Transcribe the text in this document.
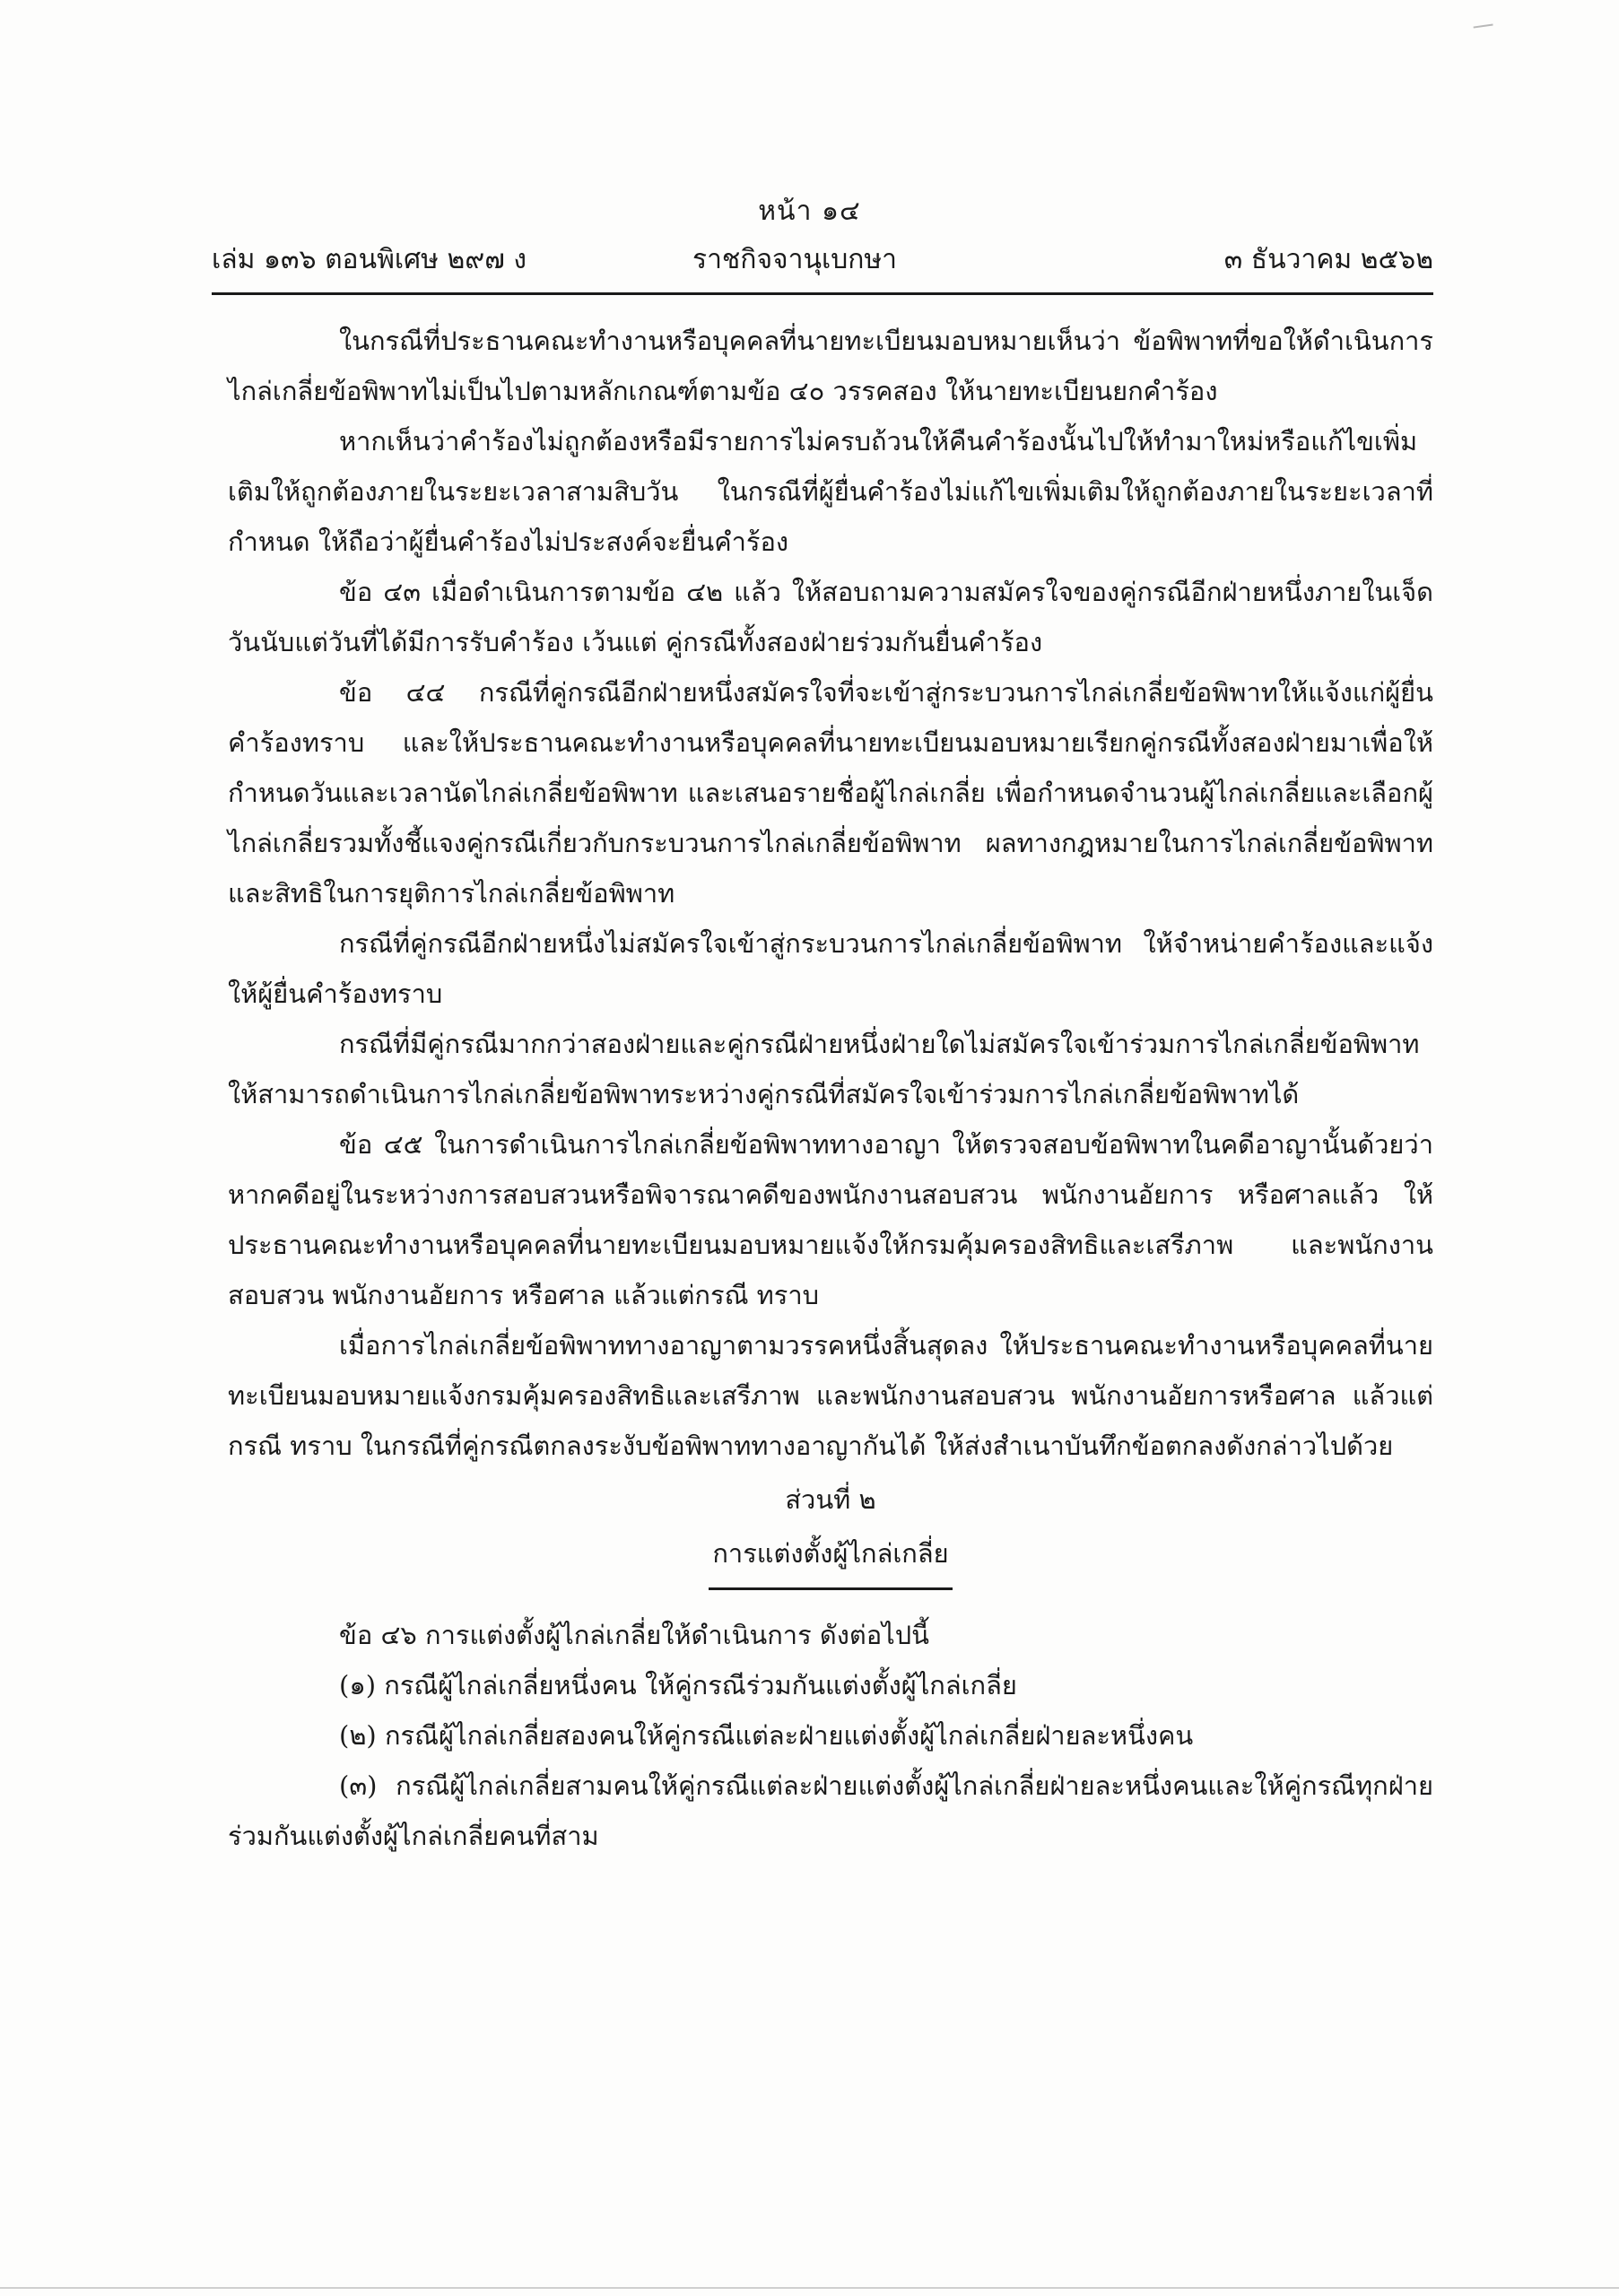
หน้า ๑๔
เล่ม ๑๓๖ ตอนพิเศษ ๒๙๗ ง	ราชกิจจานุเบกษา	๓ ธันวาคม ๒๕๖๒

ในกรณีที่ประธานคณะทำงานหรือบุคคลที่นายทะเบียนมอบหมายเห็นว่า ข้อพิพาทที่ขอให้ดำเนินการไกล่เกลี่ยข้อพิพาทไม่เป็นไปตามหลักเกณฑ์ตามข้อ ๔๐ วรรคสอง ให้นายทะเบียนยกคำร้อง

หากเห็นว่าคำร้องไม่ถูกต้องหรือมีรายการไม่ครบถ้วนให้คืนคำร้องนั้นไปให้ทำมาใหม่หรือแก้ไขเพิ่มเติมให้ถูกต้องภายในระยะเวลาสามสิบวัน ในกรณีที่ผู้ยื่นคำร้องไม่แก้ไขเพิ่มเติมให้ถูกต้องภายในระยะเวลาที่กำหนด ให้ถือว่าผู้ยื่นคำร้องไม่ประสงค์จะยื่นคำร้อง

ข้อ ๔๓ เมื่อดำเนินการตามข้อ ๔๒ แล้ว ให้สอบถามความสมัครใจของคู่กรณีอีกฝ่ายหนึ่งภายในเจ็ดวันนับแต่วันที่ได้มีการรับคำร้อง เว้นแต่ คู่กรณีทั้งสองฝ่ายร่วมกันยื่นคำร้อง

ข้อ ๔๔ กรณีที่คู่กรณีอีกฝ่ายหนึ่งสมัครใจที่จะเข้าสู่กระบวนการไกล่เกลี่ยข้อพิพาทให้แจ้งแก่ผู้ยื่นคำร้องทราบ และให้ประธานคณะทำงานหรือบุคคลที่นายทะเบียนมอบหมายเรียกคู่กรณีทั้งสองฝ่ายมาเพื่อให้กำหนดวันและเวลานัดไกล่เกลี่ยข้อพิพาท และเสนอรายชื่อผู้ไกล่เกลี่ย เพื่อกำหนดจำนวนผู้ไกล่เกลี่ยและเลือกผู้ไกล่เกลี่ยรวมทั้งชี้แจงคู่กรณีเกี่ยวกับกระบวนการไกล่เกลี่ยข้อพิพาท ผลทางกฎหมายในการไกล่เกลี่ยข้อพิพาท และสิทธิในการยุติการไกล่เกลี่ยข้อพิพาท

กรณีที่คู่กรณีอีกฝ่ายหนึ่งไม่สมัครใจเข้าสู่กระบวนการไกล่เกลี่ยข้อพิพาท ให้จำหน่ายคำร้องและแจ้งให้ผู้ยื่นคำร้องทราบ

กรณีที่มีคู่กรณีมากกว่าสองฝ่ายและคู่กรณีฝ่ายหนึ่งฝ่ายใดไม่สมัครใจเข้าร่วมการไกล่เกลี่ยข้อพิพาทให้สามารถดำเนินการไกล่เกลี่ยข้อพิพาทระหว่างคู่กรณีที่สมัครใจเข้าร่วมการไกล่เกลี่ยข้อพิพาทได้

ข้อ ๔๕ ในการดำเนินการไกล่เกลี่ยข้อพิพาททางอาญา ให้ตรวจสอบข้อพิพาทในคดีอาญานั้นด้วยว่าหากคดีอยู่ในระหว่างการสอบสวนหรือพิจารณาคดีของพนักงานสอบสวน พนักงานอัยการ หรือศาลแล้ว ให้ประธานคณะทำงานหรือบุคคลที่นายทะเบียนมอบหมายแจ้งให้กรมคุ้มครองสิทธิและเสรีภาพ และพนักงานสอบสวน พนักงานอัยการ หรือศาล แล้วแต่กรณี ทราบ

เมื่อการไกล่เกลี่ยข้อพิพาททางอาญาตามวรรคหนึ่งสิ้นสุดลง ให้ประธานคณะทำงานหรือบุคคลที่นายทะเบียนมอบหมายแจ้งกรมคุ้มครองสิทธิและเสรีภาพ และพนักงานสอบสวน พนักงานอัยการหรือศาล แล้วแต่กรณี ทราบ ในกรณีที่คู่กรณีตกลงระงับข้อพิพาททางอาญากันได้ ให้ส่งสำเนาบันทึกข้อตกลงดังกล่าวไปด้วย

ส่วนที่ ๒
การแต่งตั้งผู้ไกล่เกลี่ย

ข้อ ๔๖ การแต่งตั้งผู้ไกล่เกลี่ยให้ดำเนินการ ดังต่อไปนี้

(๑) กรณีผู้ไกล่เกลี่ยหนึ่งคน ให้คู่กรณีร่วมกันแต่งตั้งผู้ไกล่เกลี่ย

(๒) กรณีผู้ไกล่เกลี่ยสองคนให้คู่กรณีแต่ละฝ่ายแต่งตั้งผู้ไกล่เกลี่ยฝ่ายละหนึ่งคน

(๓) กรณีผู้ไกล่เกลี่ยสามคนให้คู่กรณีแต่ละฝ่ายแต่งตั้งผู้ไกล่เกลี่ยฝ่ายละหนึ่งคนและให้คู่กรณีทุกฝ่ายร่วมกันแต่งตั้งผู้ไกล่เกลี่ยคนที่สาม
